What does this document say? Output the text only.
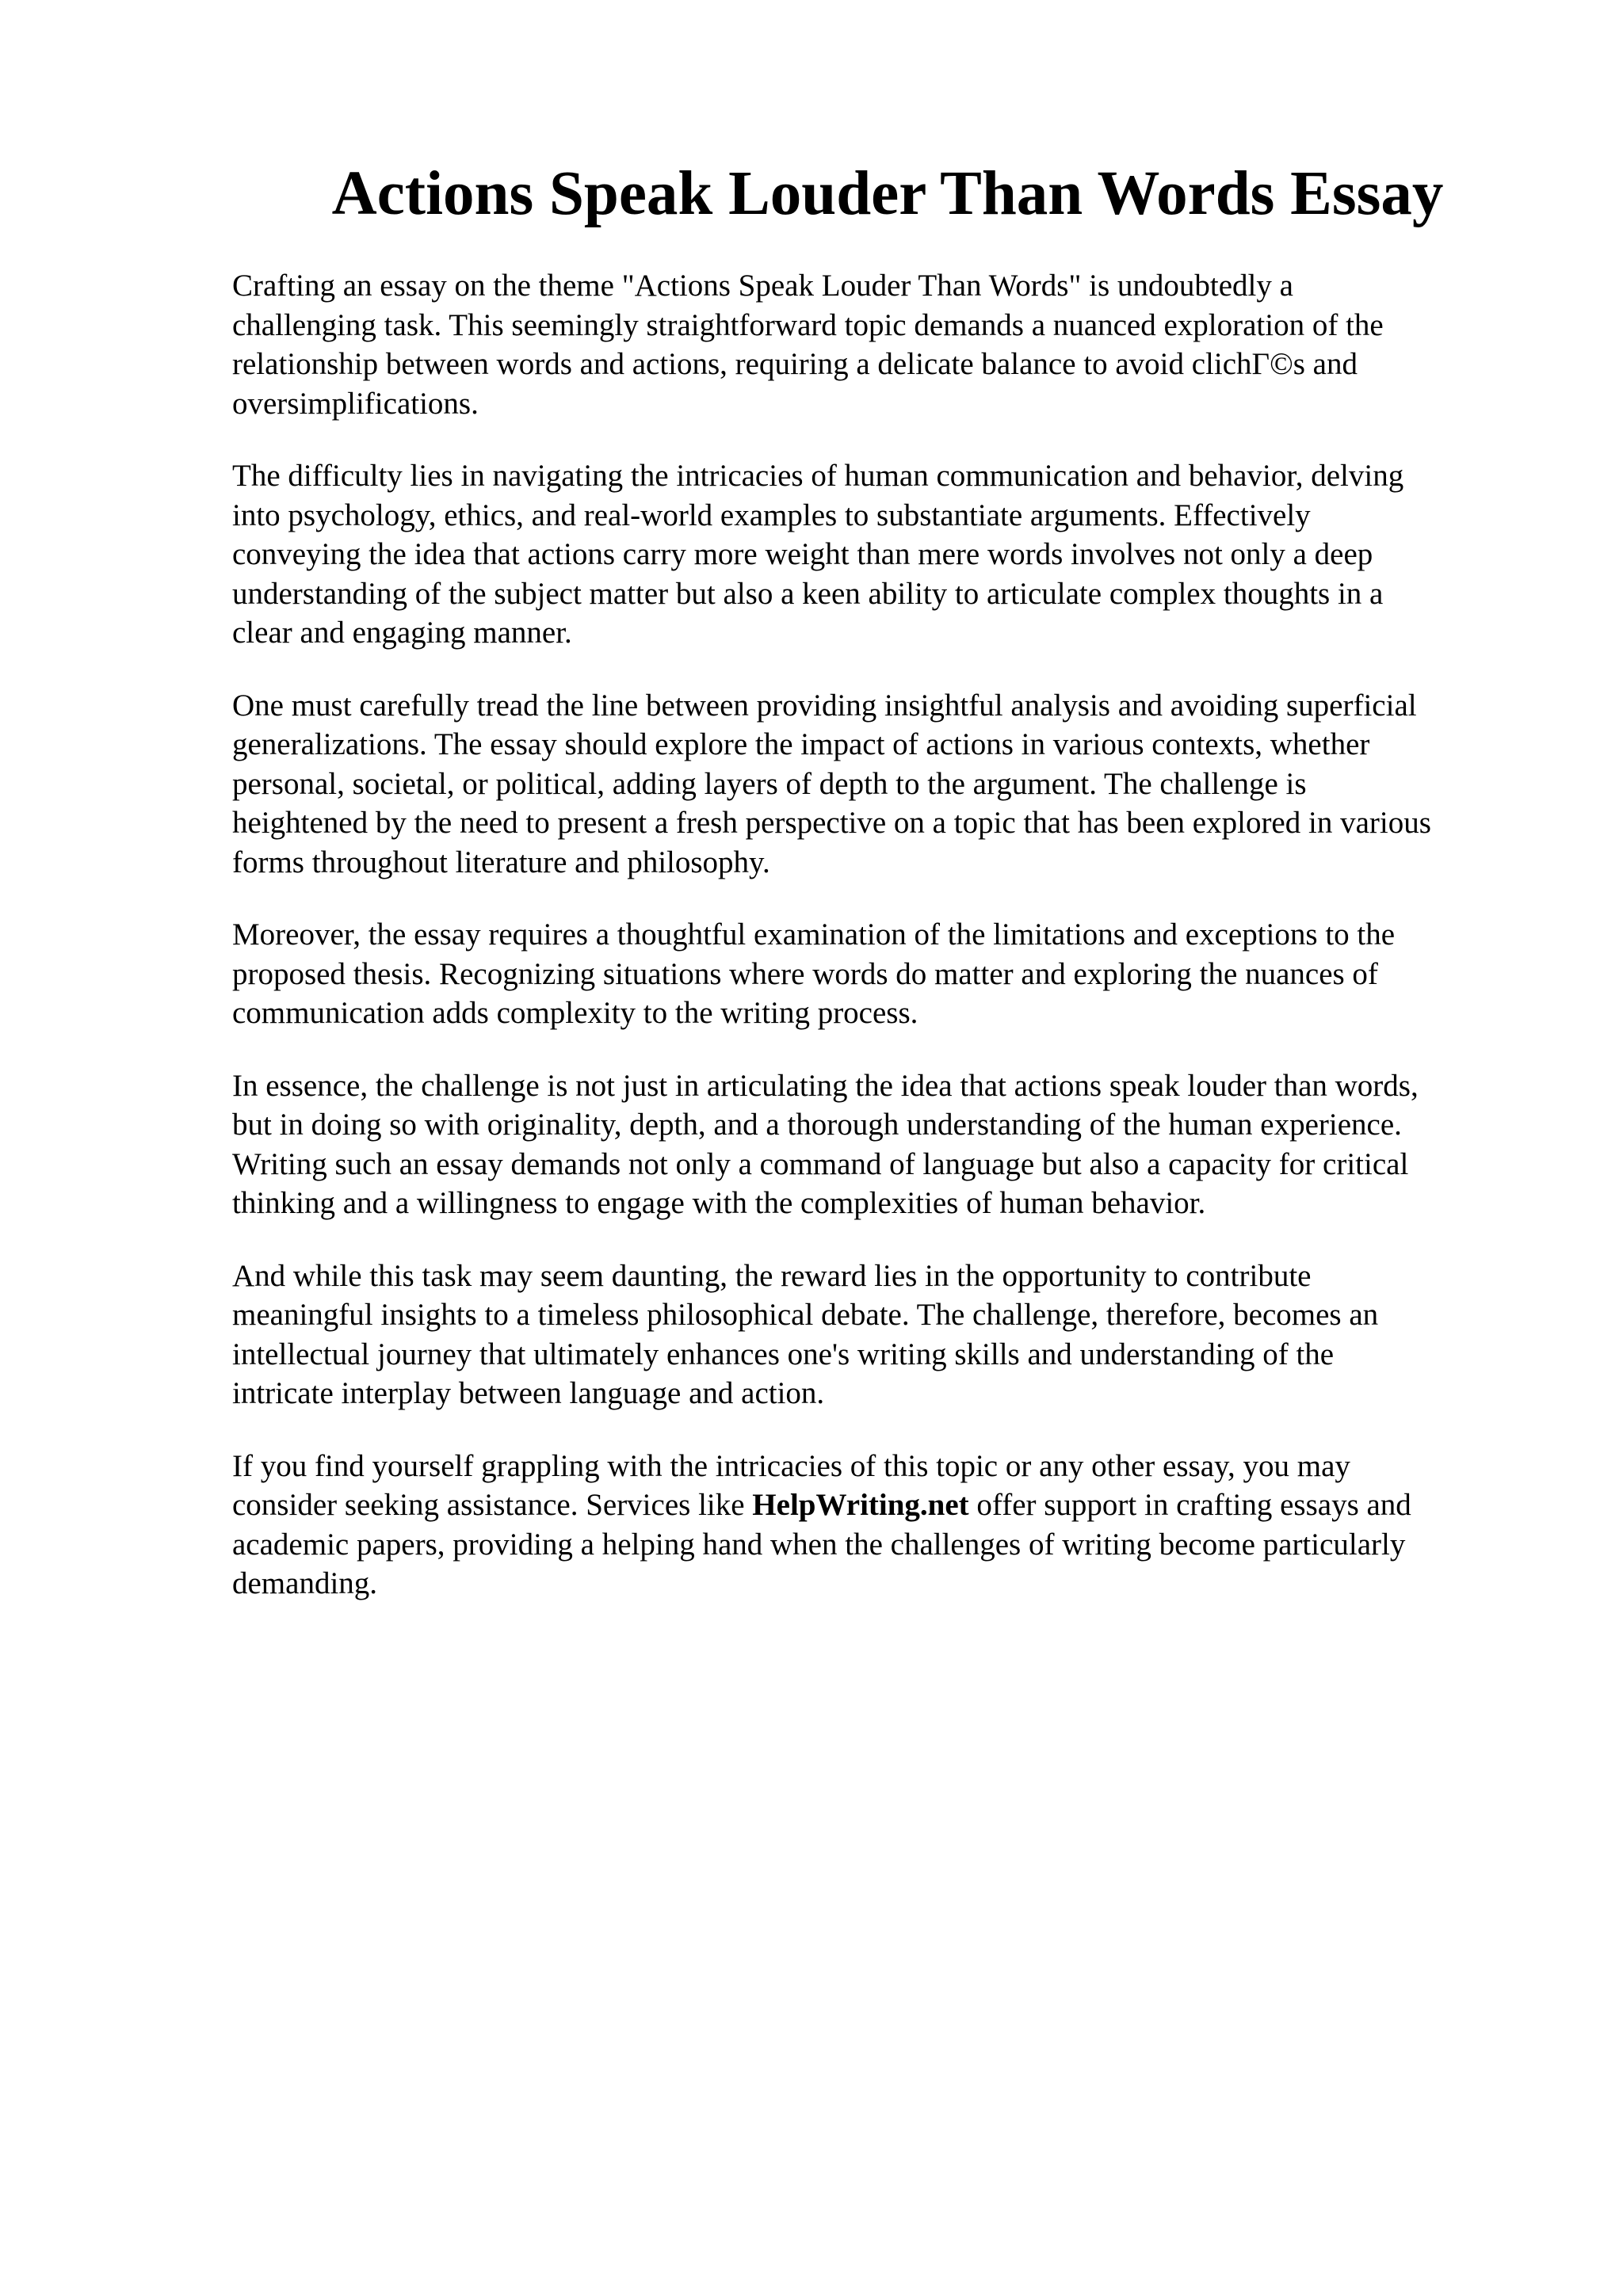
Actions Speak Louder Than Words Essay

Crafting an essay on the theme "Actions Speak Louder Than Words" is undoubtedly a
challenging task. This seemingly straightforward topic demands a nuanced exploration of the
relationship between words and actions, requiring a delicate balance to avoid clichΓ©s and
oversimplifications.

The difficulty lies in navigating the intricacies of human communication and behavior, delving
into psychology, ethics, and real-world examples to substantiate arguments. Effectively
conveying the idea that actions carry more weight than mere words involves not only a deep
understanding of the subject matter but also a keen ability to articulate complex thoughts in a
clear and engaging manner.

One must carefully tread the line between providing insightful analysis and avoiding superficial
generalizations. The essay should explore the impact of actions in various contexts, whether
personal, societal, or political, adding layers of depth to the argument. The challenge is
heightened by the need to present a fresh perspective on a topic that has been explored in various
forms throughout literature and philosophy.

Moreover, the essay requires a thoughtful examination of the limitations and exceptions to the
proposed thesis. Recognizing situations where words do matter and exploring the nuances of
communication adds complexity to the writing process.

In essence, the challenge is not just in articulating the idea that actions speak louder than words,
but in doing so with originality, depth, and a thorough understanding of the human experience.
Writing such an essay demands not only a command of language but also a capacity for critical
thinking and a willingness to engage with the complexities of human behavior.

And while this task may seem daunting, the reward lies in the opportunity to contribute
meaningful insights to a timeless philosophical debate. The challenge, therefore, becomes an
intellectual journey that ultimately enhances one's writing skills and understanding of the
intricate interplay between language and action.

If you find yourself grappling with the intricacies of this topic or any other essay, you may
consider seeking assistance. Services like HelpWriting.net offer support in crafting essays and
academic papers, providing a helping hand when the challenges of writing become particularly
demanding.
